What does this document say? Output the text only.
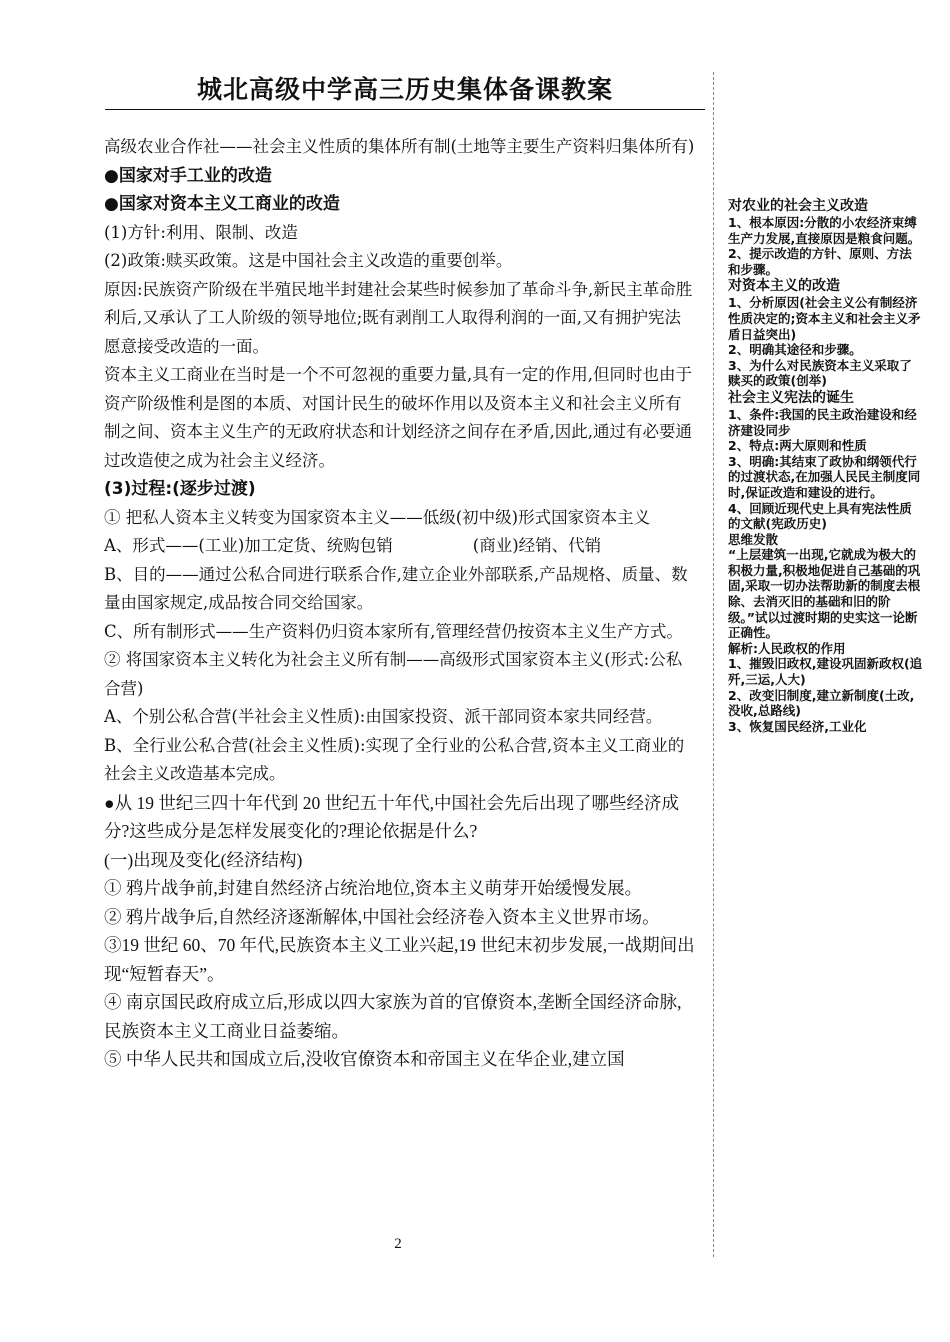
城北高级中学高三历史集体备课教案

高级农业合作社——社会主义性质的集体所有制(土地等主要生产资料归集体所有)

●国家对手工业的改造

●国家对资本主义工商业的改造

(1)方针:利用、限制、改造

(2)政策:赎买政策。这是中国社会主义改造的重要创举。

原因:民族资产阶级在半殖民地半封建社会某些时候参加了革命斗争,新民主革命胜利后,又承认了工人阶级的领导地位;既有剥削工人取得利润的一面,又有拥护宪法愿意接受改造的一面。

资本主义工商业在当时是一个不可忽视的重要力量,具有一定的作用,但同时也由于资产阶级惟利是图的本质、对国计民生的破坏作用以及资本主义和社会主义所有制之间、资本主义生产的无政府状态和计划经济之间存在矛盾,因此,通过有必要通过改造使之成为社会主义经济。

(3)过程:(逐步过渡)

① 把私人资本主义转变为国家资本主义——低级(初中级)形式国家资本主义

A、形式——(工业)加工定货、统购包销	(商业)经销、代销

B、目的——通过公私合同进行联系合作,建立企业外部联系,产品规格、质量、数量由国家规定,成品按合同交给国家。

C、所有制形式——生产资料仍归资本家所有,管理经营仍按资本主义生产方式。

② 将国家资本主义转化为社会主义所有制——高级形式国家资本主义(形式:公私合营)

A、个别公私合营(半社会主义性质):由国家投资、派干部同资本家共同经营。

B、全行业公私合营(社会主义性质):实现了全行业的公私合营,资本主义工商业的社会主义改造基本完成。

●从 19 世纪三四十年代到 20 世纪五十年代,中国社会先后出现了哪些经济成分?这些成分是怎样发展变化的?理论依据是什么?

(一)出现及变化(经济结构)

① 鸦片战争前,封建自然经济占统治地位,资本主义萌芽开始缓慢发展。

② 鸦片战争后,自然经济逐渐解体,中国社会经济卷入资本主义世界市场。

③19 世纪 60、70 年代,民族资本主义工业兴起,19 世纪末初步发展,一战期间出现“短暂春天”。

④ 南京国民政府成立后,形成以四大家族为首的官僚资本,垄断全国经济命脉,民族资本主义工商业日益萎缩。

⑤ 中华人民共和国成立后,没收官僚资本和帝国主义在华企业,建立国

对农业的社会主义改造

1、根本原因:分散的小农经济束缚生产力发展,直接原因是粮食问题。

2、提示改造的方针、原则、方法和步骤。

对资本主义的改造

1、分析原因(社会主义公有制经济性质决定的;资本主义和社会主义矛盾日益突出)

2、明确其途径和步骤。

3、为什么对民族资本主义采取了赎买的政策(创举)

社会主义宪法的诞生

1、条件:我国的民主政治建设和经济建设同步

2、特点:两大原则和性质

3、明确:其结束了政协和纲领代行的过渡状态,在加强人民民主制度同时,保证改造和建设的进行。

4、回顾近现代史上具有宪法性质的文献(宪政历史)

思维发散

“上层建筑一出现,它就成为极大的积极力量,积极地促进自己基础的巩固,采取一切办法帮助新的制度去根除、去消灭旧的基础和旧的阶级。”试以过渡时期的史实这一论断正确性。

解析:人民政权的作用

1、摧毁旧政权,建设巩固新政权(追歼,三运,人大)

2、改变旧制度,建立新制度(土改,没收,总路线)

3、恢复国民经济,工业化

2
